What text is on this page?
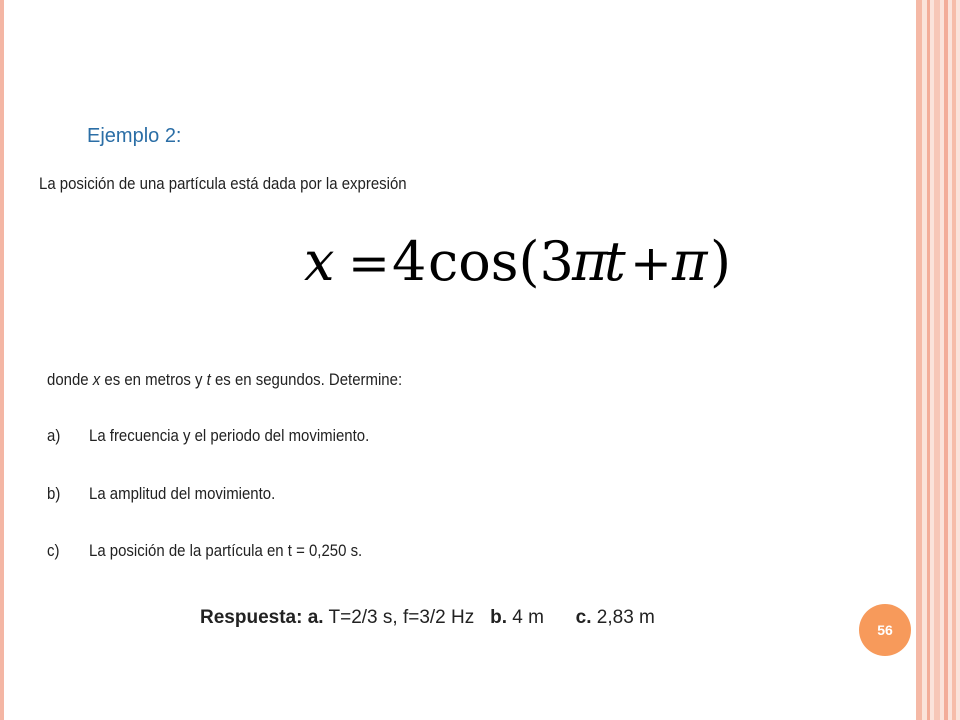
Ejemplo 2:
La posición de una partícula está dada por la expresión
x = 4 cos(3
π
t + π )
donde x es en metros y t es en segundos. Determine:
a) La frecuencia y el periodo del movimiento.
b) La amplitud del movimiento.
c) La posición de la partícula en t = 0,250 s.
Respuesta: a. T=2/3 s, f=3/2 Hz b. 4 m c. 2,83 m
56
